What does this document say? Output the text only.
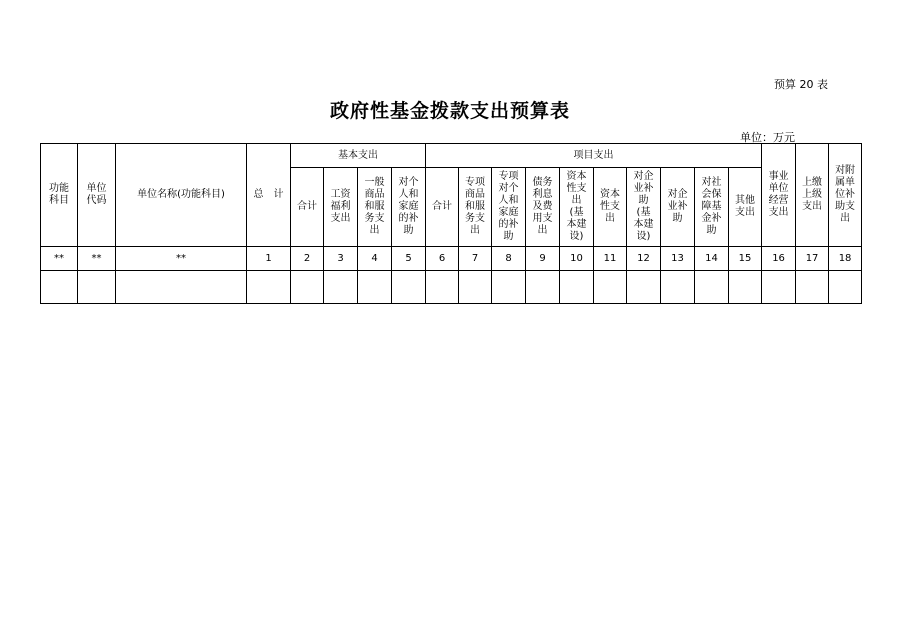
预算 20 表
政府性基金拨款支出预算表
单位：万元
功能科目	单位代码	单位名称(功能科目)	总　计	基本支出				项目支出										事业单位经营支出	上缴上级支出	对附属单位补助支出
				合计	工资福利支出	一般商品和服务支出	对个人和家庭的补助	合计	专项商品和服务支出	专项对个人和家庭的补助	债务利息及费用支出	资本性支出(基本建设)	资本性支出	对企业补助(基本建设)	对企业补助	对社会保障基金补助	其他支出			
**	**	**	1	2	3	4	5	6	7	8	9	10	11	12	13	14	15	16	17	18
